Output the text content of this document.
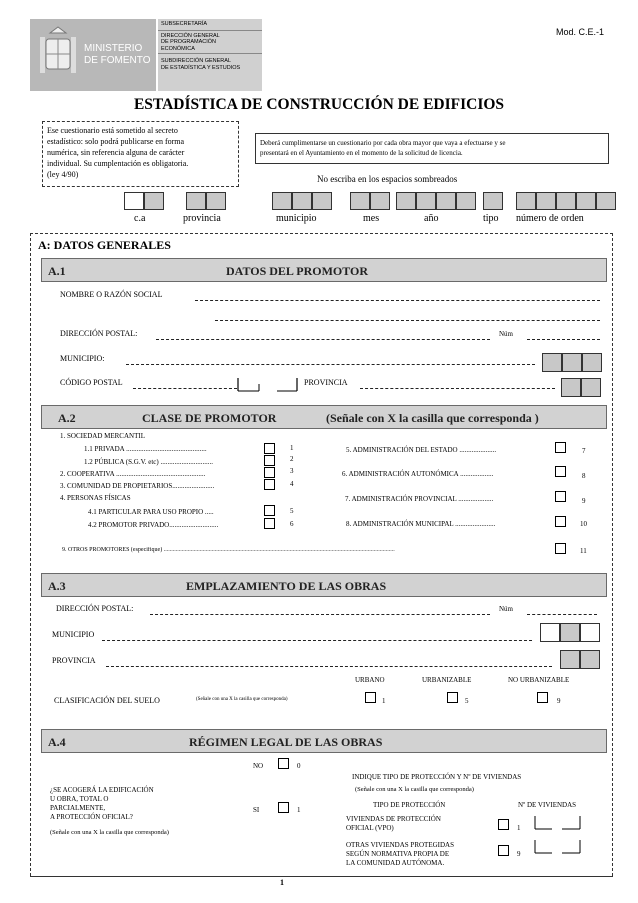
MINISTERIO
DE FOMENTO
SUBSECRETARÍA
DIRECCIÓN GENERAL
DE PROGRAMACIÓN
ECONÓMICA
SUBDIRECCIÓN GENERAL
DE ESTADÍSTICA Y ESTUDIOS
Mod. C.E.-1
ESTADÍSTICA DE CONSTRUCCIÓN DE EDIFICIOS
Ese cuestionario está sometido al secreto
estadístico: solo podrá publicarse en forma
numérica, sin referencia alguna de carácter
individual. Su cumplentación es obligatoria.
(ley 4/90)
Deberá cumplimentarse un cuestionario por cada obra mayor que vaya a efectuarse y se
presentará en el Ayuntamiento en el momento de la solicitud de licencia.
No escriba en los espacios sombreados
c.a	provincia	municipio	mes	año	tipo número de orden
A: DATOS GENERALES
A.1	DATOS DEL PROMOTOR
NOMBRE O RAZÓN SOCIAL
DIRECCIÓN POSTAL:	Núm
MUNICIPIO:
CÓDIGO POSTAL	PROVINCIA
A.2	CLASE DE PROMOTOR	(Señale con X la casilla que corresponda )
1. SOCIEDAD MERCANTIL
1.1 PRIVADA ..............................................	1
1.2 PÚBLICA (S.G.V. etc) ..............................	2
2. COOPERATIVA ...................................................	3
3. COMUNIDAD DE PROPIETARIOS........................	4
4. PERSONAS FÍSICAS
4.1 PARTICULAR PARA USO PROPIO .....	5
4.2 PROMOTOR PRIVADO............................	6
5. ADMINISTRACIÓN DEL ESTADO .....................	7
6. ADMINISTRACIÓN AUTONÓMICA ...................	8
7. ADMINISTRACIÓN PROVINCIAL ....................	9
8. ADMINISTRACIÓN MUNICIPAL .......................	10
9. OTROS PROMOTORES (especifique) ..........................................................................................................................................................	11
A.3	EMPLAZAMIENTO DE LAS OBRAS
DIRECCIÓN POSTAL:	Núm
MUNICIPIO
PROVINCIA
URBANO	URBANIZABLE	NO URBANIZABLE
CLASIFICACIÓN DEL SUELO	(Señale con una X la casilla que corresponda)	1	5	9
A.4	RÉGIMEN LEGAL DE LAS OBRAS
NO	0
¿SE ACOGERÁ LA EDIFICACIÓN
U OBRA, TOTAL O
PARCIALMENTE,
A PROTECCIÓN OFICIAL?
(Señale con una X la casilla que corresponda)
SI	1
INDIQUE TIPO DE PROTECCIÓN Y Nº DE VIVIENDAS
(Señale con una X la casilla que corresponda)
TIPO DE PROTECCIÓN	Nº DE VIVIENDAS
VIVIENDAS DE PROTECCIÓN
OFICIAL (VPO)	1
OTRAS VIVIENDAS PROTEGIDAS
SEGÚN NORMATIVA PROPIA DE
LA COMUNIDAD AUTÓNOMA.
9
1
